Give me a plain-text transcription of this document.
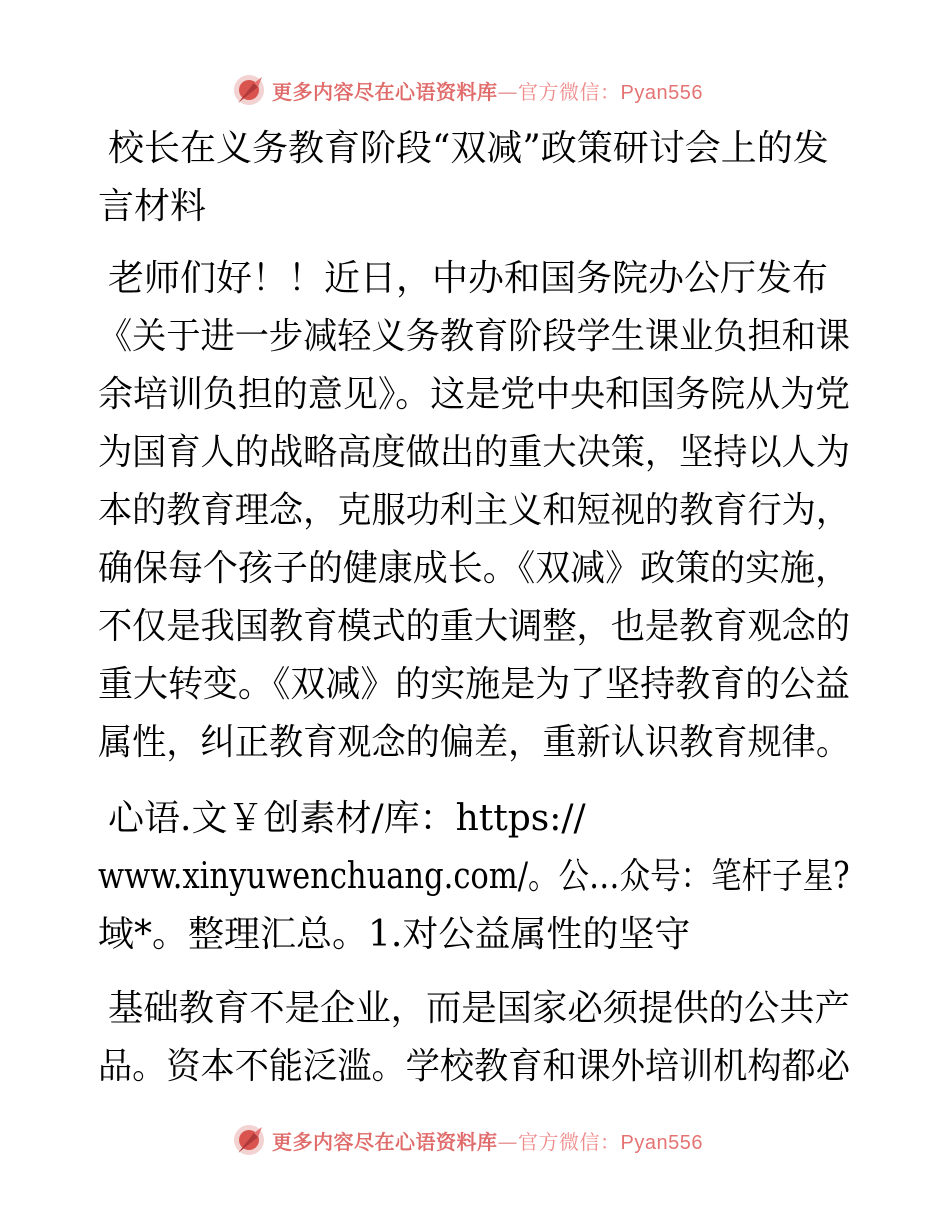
更多内容尽在心语资料库—官方微信：Pyan556
校长在义务教育阶段“双减”政策研讨会上的发
言材料
老师们好！！近日，中办和国务院办公厅发布
《关于进一步减轻义务教育阶段学生课业负担和课
余培训负担的意见》。这是党中央和国务院从为党
为国育人的战略高度做出的重大决策，坚持以人为
本的教育理念，克服功利主义和短视的教育行为，
确保每个孩子的健康成长。《双减》政策的实施，
不仅是我国教育模式的重大调整，也是教育观念的
重大转变。《双减》的实施是为了坚持教育的公益
属性，纠正教育观念的偏差，重新认识教育规律。
心语.文￥创素材/库：https://
www.xinyuwenchuang.com/。公…众号：笔杆子星?
域*。整理汇总。1.对公益属性的坚守
基础教育不是企业，而是国家必须提供的公共产
品。资本不能泛滥。学校教育和课外培训机构都必
更多内容尽在心语资料库—官方微信：Pyan556
